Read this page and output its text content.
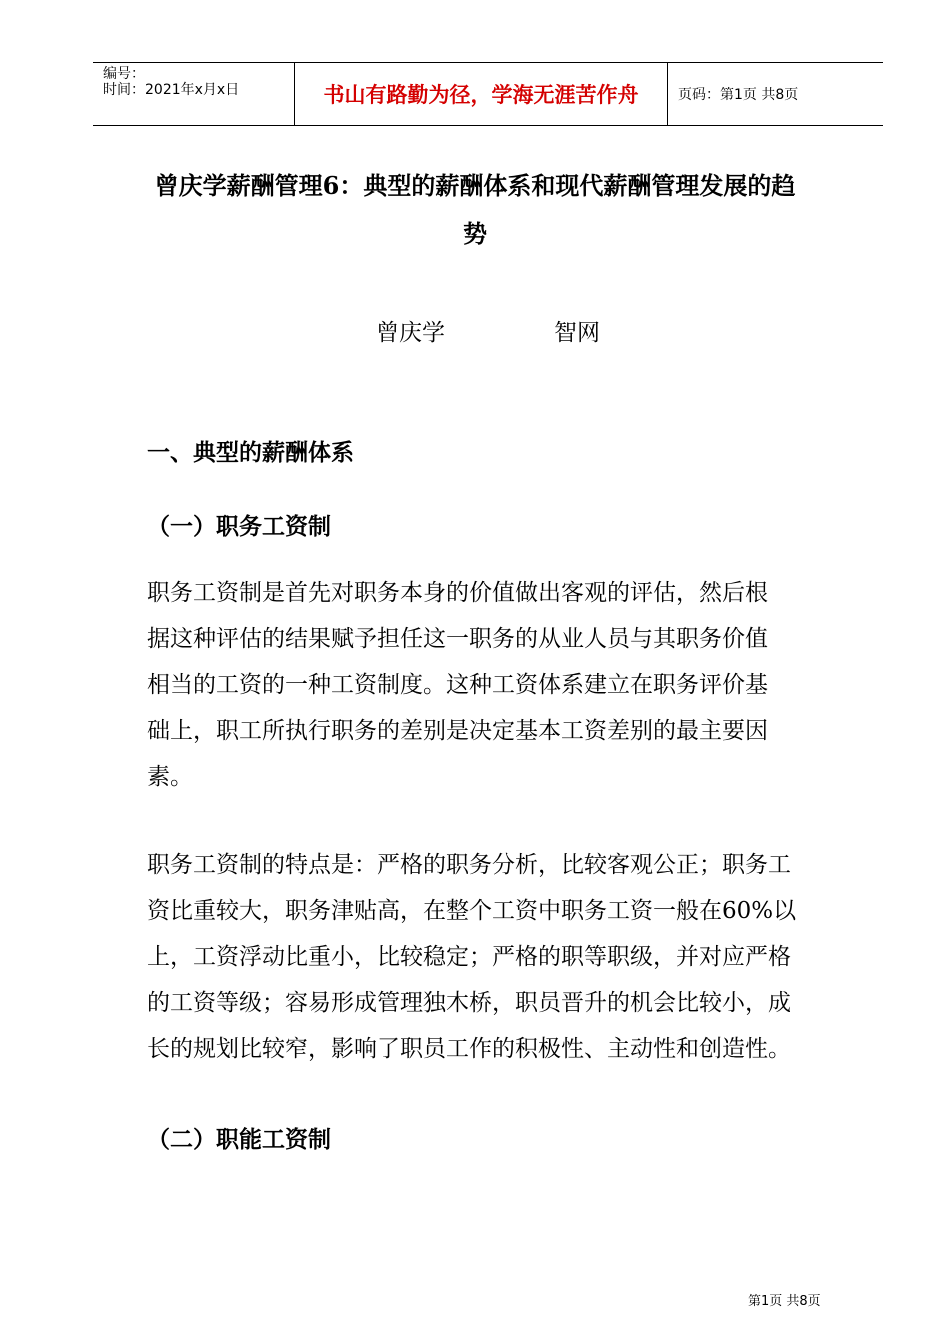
编号：
时间：2021年x月x日	书山有路勤为径，学海无涯苦作舟	页码：第1页 共8页
曾庆学薪酬管理6：典型的薪酬体系和现代薪酬管理发展的趋
势
曾庆学	智网
一、典型的薪酬体系
（一）职务工资制
职务工资制是首先对职务本身的价值做出客观的评估，然后根
据这种评估的结果赋予担任这一职务的从业人员与其职务价值
相当的工资的一种工资制度。这种工资体系建立在职务评价基
础上，职工所执行职务的差别是决定基本工资差别的最主要因
素。
职务工资制的特点是：严格的职务分析，比较客观公正；职务工
资比重较大，职务津贴高，在整个工资中职务工资一般在60%以
上，工资浮动比重小，比较稳定；严格的职等职级，并对应严格
的工资等级；容易形成管理独木桥，职员晋升的机会比较小，成
长的规划比较窄，影响了职员工作的积极性、主动性和创造性。
（二）职能工资制
第1页 共8页
